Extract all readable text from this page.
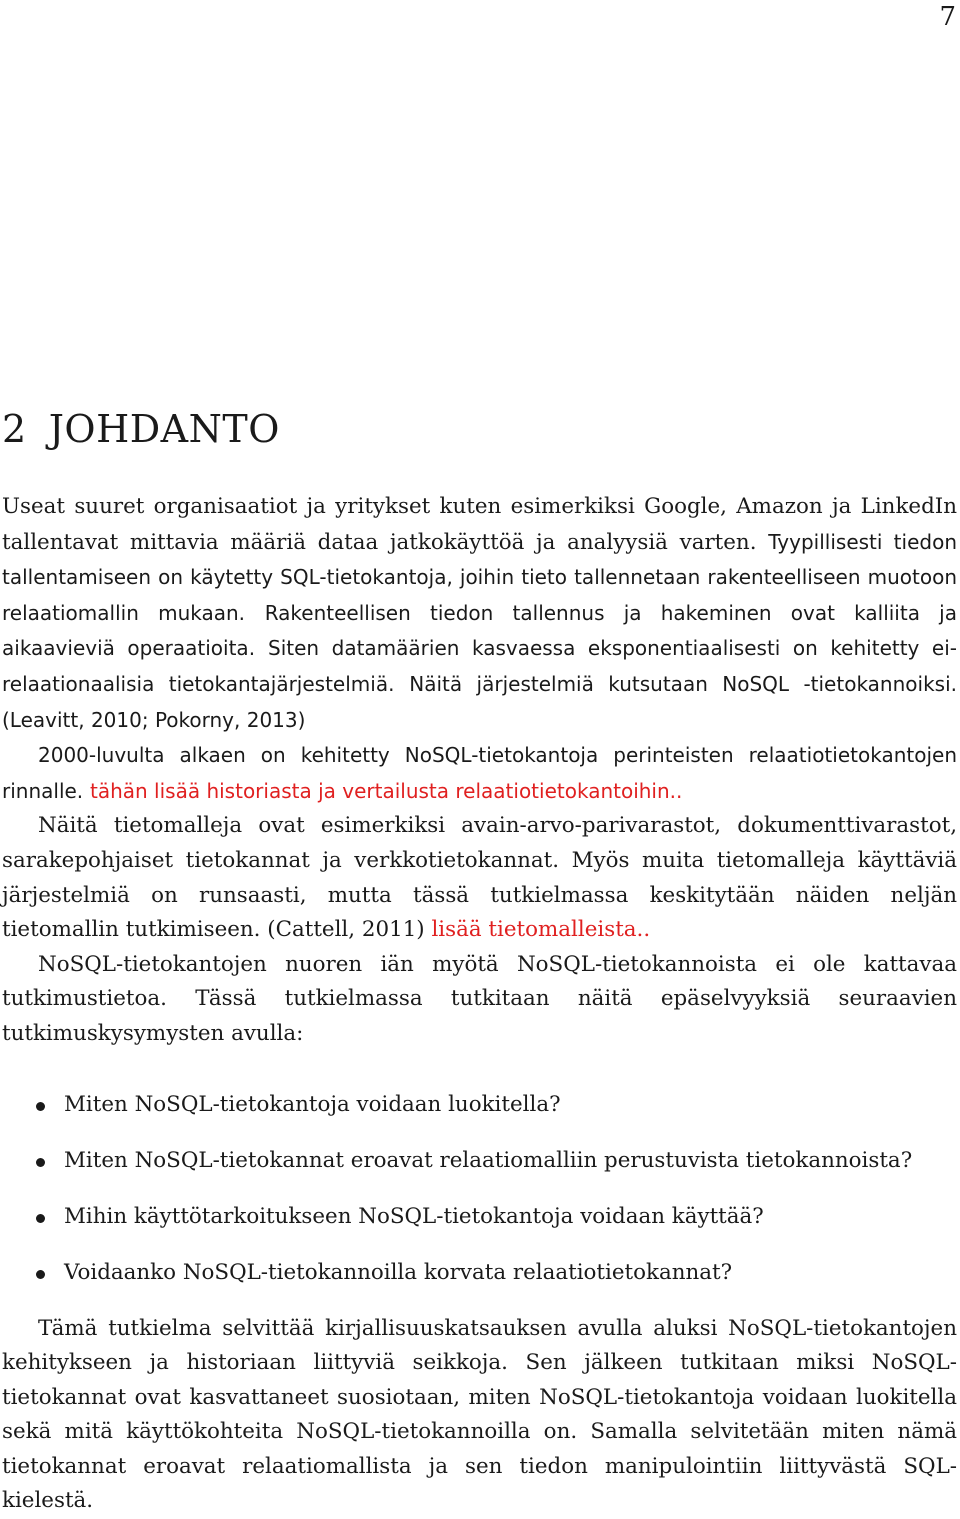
7
2 JOHDANTO

Useat suuret organisaatiot ja yritykset kuten esimerkiksi Google, Amazon ja LinkedIn tallentavat mittavia määriä dataa jatkokäyttöä ja analyysiä varten. Tyypillisesti tiedon tallentamiseen on käytetty SQL-tietokantoja, joihin tieto tallennetaan rakenteelliseen muotoon relaatiomallin mukaan. Rakenteellisen tiedon tallennus ja hakeminen ovat kalliita ja aikaavieviä operaatioita. Siten datamäärien kasvaessa eksponentiaalisesti on kehitetty ei-relaationaalisia tietokantajärjestelmiä. Näitä järjestelmiä kutsutaan NoSQL -tietokannoiksi. (Leavitt, 2010; Pokorny, 2013)

2000-luvulta alkaen on kehitetty NoSQL-tietokantoja perinteisten relaatiotietokantojen rinnalle. tähän lisää historiasta ja vertailusta relaatiotietokantoihin..

Näitä tietomalleja ovat esimerkiksi avain-arvo-parivarastot, dokumenttivarastot, sarakepohjaiset tietokannat ja verkkotietokannat. Myös muita tietomalleja käyttäviä järjestelmiä on runsaasti, mutta tässä tutkielmassa keskitytään näiden neljän tietomallin tutkimiseen. (Cattell, 2011) lisää tietomalleista..

NoSQL-tietokantojen nuoren iän myötä NoSQL-tietokannoista ei ole kattavaa tutkimustietoa. Tässä tutkielmassa tutkitaan näitä epäselvyyksiä seuraavien tutkimuskysymysten avulla:

Miten NoSQL-tietokantoja voidaan luokitella?
Miten NoSQL-tietokannat eroavat relaatiomalliin perustuvista tietokannoista?
Mihin käyttötarkoitukseen NoSQL-tietokantoja voidaan käyttää?
Voidaanko NoSQL-tietokannoilla korvata relaatiotietokannat?

Tämä tutkielma selvittää kirjallisuuskatsauksen avulla aluksi NoSQL-tietokantojen kehitykseen ja historiaan liittyviä seikkoja. Sen jälkeen tutkitaan miksi NoSQL-tietokannat ovat kasvattaneet suosiotaan, miten NoSQL-tietokantoja voidaan luokitella sekä mitä käyttökohteita NoSQL-tietokannoilla on. Samalla selvitetään miten nämä tietokannat eroavat relaatiomallista ja sen tiedon manipulointiin liittyvästä SQL-kielestä.
